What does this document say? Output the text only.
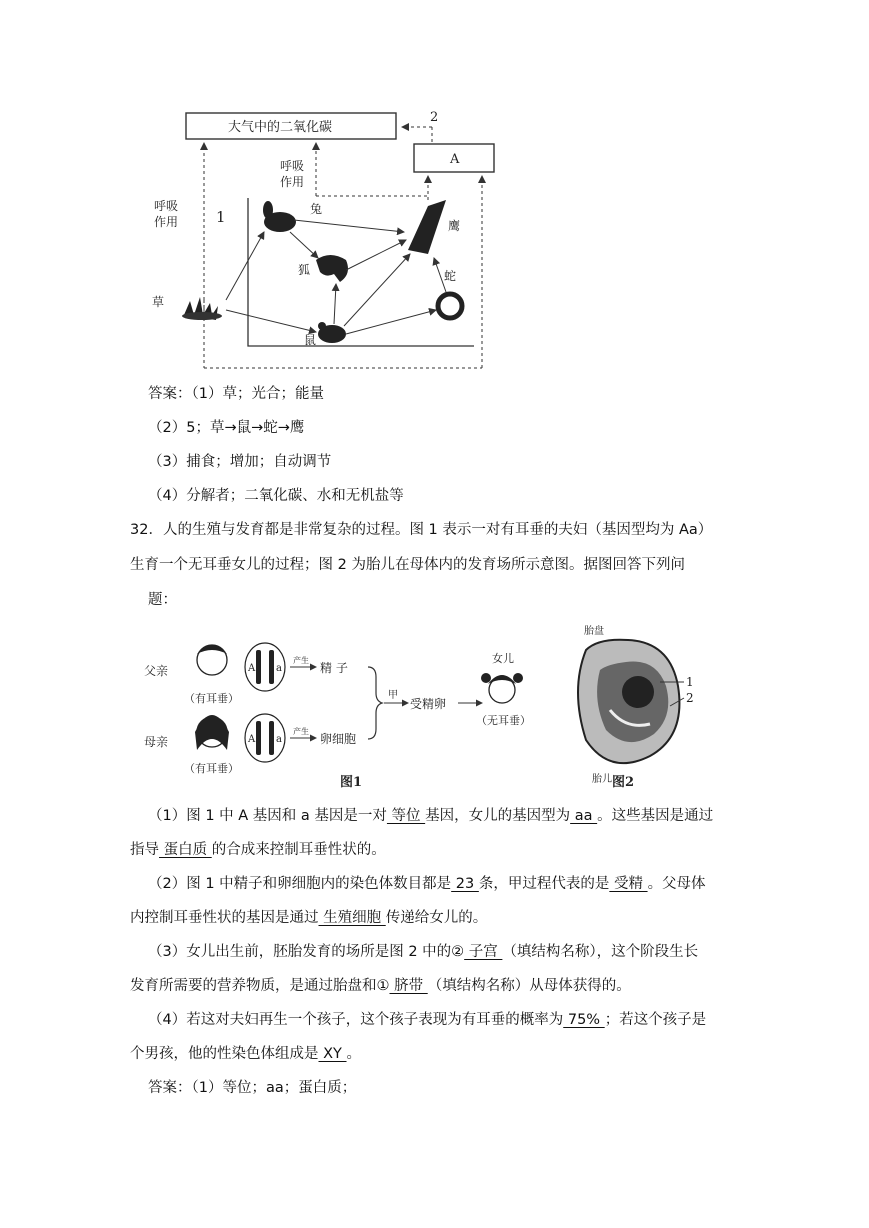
大气中的二氧化碳
2
A
呼吸
作用
呼吸
作用	1
草
兔
狐
鼠
鹰
蛇
答案：（1）草；光合；能量
（2）5；草→鼠→蛇→鹰
（3）捕食；增加；自动调节
（4）分解者；二氧化碳、水和无机盐等
32．人的生殖与发育都是非常复杂的过程。图 1 表示一对有耳垂的夫妇（基因型均为 Aa）
生育一个无耳垂女儿的过程；图 2 为胎儿在母体内的发育场所示意图。据图回答下列问
题：
父亲
（有耳垂）
A a
产生
精 子
母亲
（有耳垂）
A a
产生
卵细胞
甲
受精卵
女儿
（无耳垂）
胎盘
胎儿
1
2
图1	图2
（1）图 1 中 A 基因和 a 基因是一对 等位 基因，女儿的基因型为 aa 。这些基因是通过
指导 蛋白质 的合成来控制耳垂性状的。
（2）图 1 中精子和卵细胞内的染色体数目都是 23 条，甲过程代表的是 受精 。父母体
内控制耳垂性状的基因是通过 生殖细胞 传递给女儿的。
（3）女儿出生前，胚胎发育的场所是图 2 中的② 子宫 （填结构名称），这个阶段生长
发育所需要的营养物质，是通过胎盘和① 脐带 （填结构名称）从母体获得的。
（4）若这对夫妇再生一个孩子，这个孩子表现为有耳垂的概率为 75% ；若这个孩子是
个男孩，他的性染色体组成是 XY 。
答案：（1）等位；aa；蛋白质；
